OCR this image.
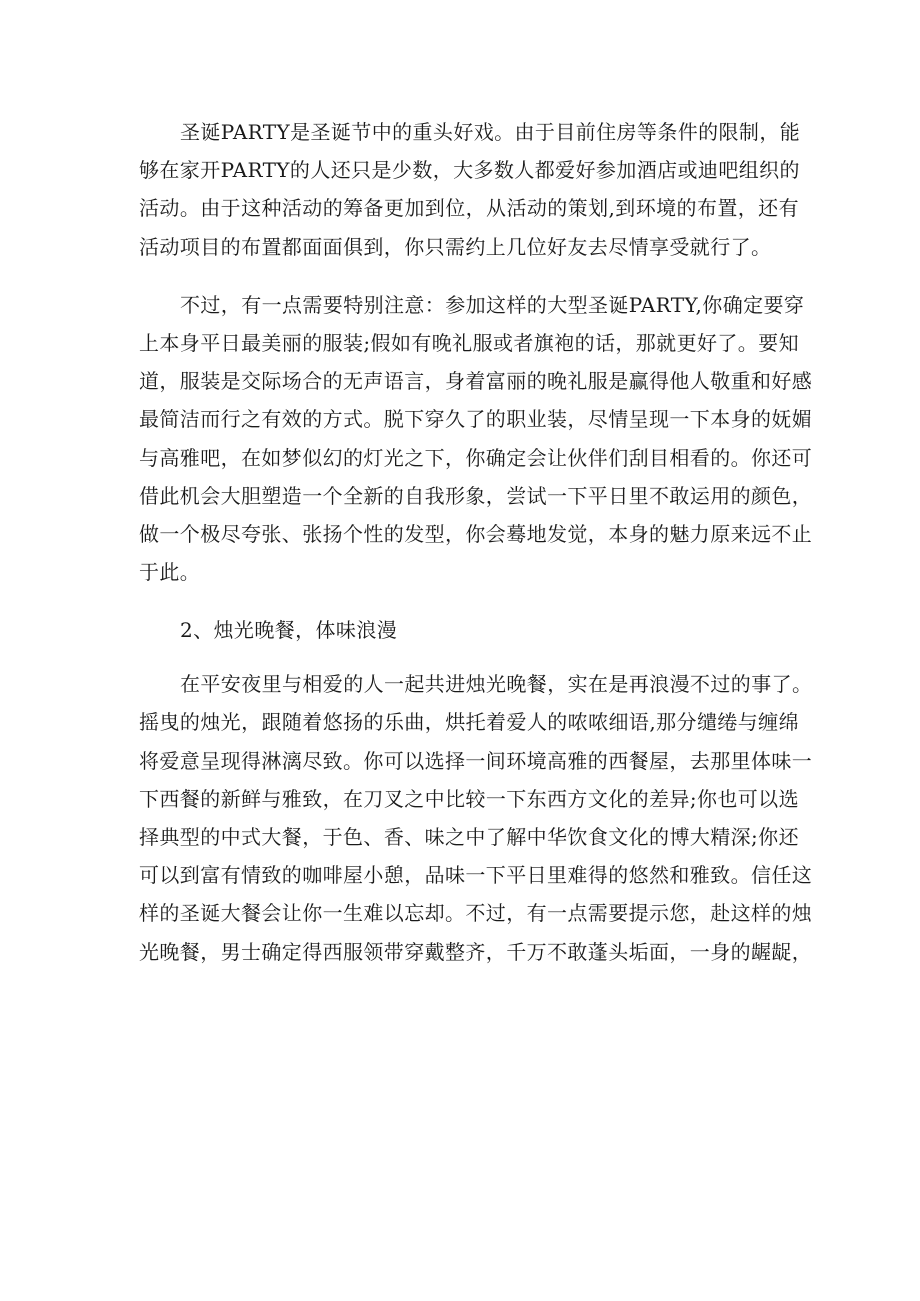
圣诞PARTY是圣诞节中的重头好戏。由于目前住房等条件的限制，能
够在家开PARTY的人还只是少数，大多数人都爱好参加酒店或迪吧组织的
活动。由于这种活动的筹备更加到位，从活动的策划,到环境的布置，还有
活动项目的布置都面面俱到，你只需约上几位好友去尽情享受就行了。
不过，有一点需要特别注意：参加这样的大型圣诞PARTY,你确定要穿
上本身平日最美丽的服装;假如有晚礼服或者旗袍的话，那就更好了。要知
道，服装是交际场合的无声语言，身着富丽的晚礼服是赢得他人敬重和好感
最简洁而行之有效的方式。脱下穿久了的职业装，尽情呈现一下本身的妩媚
与高雅吧，在如梦似幻的灯光之下，你确定会让伙伴们刮目相看的。你还可
借此机会大胆塑造一个全新的自我形象，尝试一下平日里不敢运用的颜色，
做一个极尽夸张、张扬个性的发型，你会蓦地发觉，本身的魅力原来远不止
于此。
2、烛光晚餐，体味浪漫
在平安夜里与相爱的人一起共进烛光晚餐，实在是再浪漫不过的事了。
摇曳的烛光，跟随着悠扬的乐曲，烘托着爱人的哝哝细语,那分缱绻与缠绵
将爱意呈现得淋漓尽致。你可以选择一间环境高雅的西餐屋，去那里体味一
下西餐的新鲜与雅致，在刀叉之中比较一下东西方文化的差异;你也可以选
择典型的中式大餐，于色、香、味之中了解中华饮食文化的博大精深;你还
可以到富有情致的咖啡屋小憩，品味一下平日里难得的悠然和雅致。信任这
样的圣诞大餐会让你一生难以忘却。不过，有一点需要提示您，赴这样的烛
光晚餐，男士确定得西服领带穿戴整齐，千万不敢蓬头垢面，一身的龌龊，
